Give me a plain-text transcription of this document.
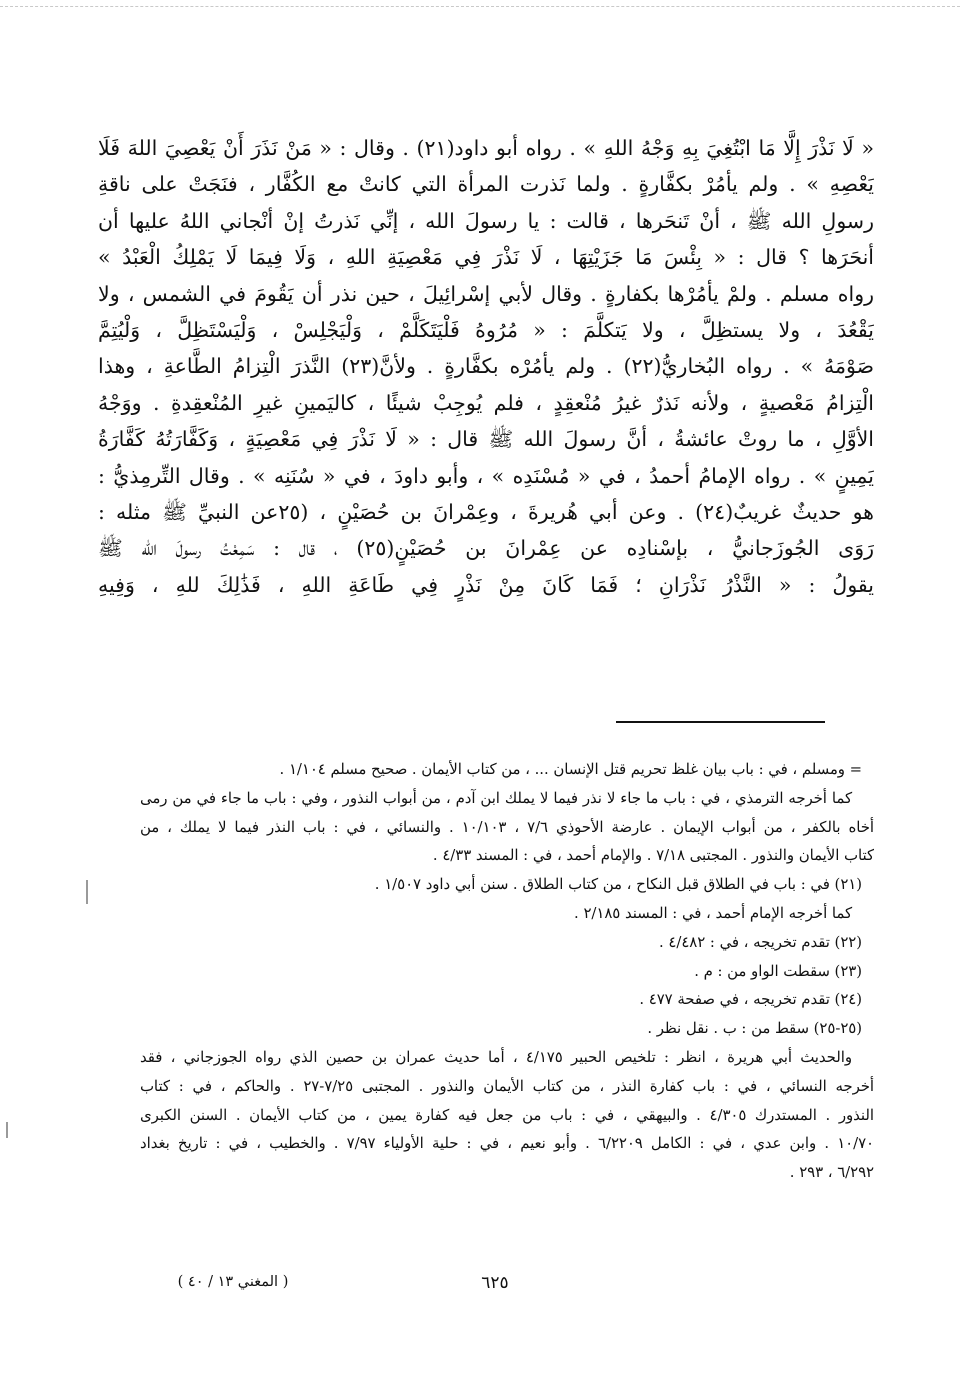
« لَا نَذْرَ إِلَّا مَا ابْتُغِيَ بِهِ وَجْهُ اللهِ » . رواه أبو داود(٢١) . وقال : « مَنْ نَذَرَ أَنْ يَعْصِيَ اللهَ فَلَا
يَعْصِهِ » . ولم يأمُرْ بكفَّارةٍ . ولما نَذرت المرأة التي كانتْ مع الكُفَّار ، فنَجَتْ على ناقةِ
رسولِ الله ﷺ ، أنْ تَنحَرها ، قالت : يا رسولَ الله ، إنِّي نَذرتُ إنْ أنْجاني اللهُ عليها أن
أنحَرَها ؟ قال : « بِئْسَ مَا جَزَيْتِهَا ، لَا نَذْرَ فِي مَعْصِيَةِ اللهِ ، وَلَا فِيمَا لَا يَمْلِكُ الْعَبْدُ »
رواه مسلم . ولمْ يأمُرْها بكفارةٍ . وقال لأبي إسْرائِيلَ ، حين نذر أن يَقُومَ في الشمس ، ولا
يَقْعُدَ ، ولا يستظِلَّ ، ولا يَتكلَّمَ : « مُرُوهُ فَلْيَتَكَلَّمْ ، وَلْيَجْلِسْ ، وَلْيَسْتَظِلَّ ، وَلْيُتِمَّ
صَوْمَهُ » . رواه البُخاريُّ(٢٢) . ولم يأمُرْه بكفَّارةٍ . ولأنَّ(٢٣) النَّذرَ الْتِزامُ الطَّاعةِ ، وهذا
الْتِزامُ مَعْصيةٍ ، ولأنه نَذرٌ غيرُ مُنْعقِدٍ ، فلم يُوجِبْ شيئًا ، كاليَمينِ غيرِ المُنْعقِدةِ . ووَجْهُ
الأوَّلِ ، ما روتْ عائشةُ ، أنَّ رسولَ الله ﷺ قال : « لَا نَذْرَ فِي مَعْصِيَةٍ ، وَكَفَّارَتُهُ كَفَّارَةُ
يَمِينٍ » . رواه الإمامُ أحمدُ ، في « مُسْنَدِه » ، وأبو داودَ ، في « سُنَنِه » . وقال التِّرمِذيُّ :
هو حديثٌ غريبٌ(٢٤) . وعن أبي هُريرةَ ، وعِمْرانَ بن حُصَيْنٍ ، (٢٥عن النبيِّ ﷺ مثله :
رَوَى الجُوزَجانيُّ ، بإسْنادِه عن عِمْرانَ بن حُصَيْنٍ(٢٥) ، قال : سَمِعْتُ رسولَ الله ﷺ
يقولُ : « النَّذْرُ نَذْرَانِ ؛ فَمَا كَانَ مِنْ نَذْرٍ فِي طَاعَةِ اللهِ ، فَذَٰلِكَ للهِ ، وَفِيهِ
= ومسلم ، في : باب بيان غلظ تحريم قتل الإنسان ... ، من كتاب الأيمان . صحيح مسلم ١/١٠٤ .
كما أخرجه الترمذي ، في : باب ما جاء لا نذر فيما لا يملك ابن آدم ، من أبواب النذور ، وفي : باب ما جاء في من رمى
أخاه بالكفر ، من أبواب الإيمان . عارضة الأحوذي ٧/٦ ، ١٠/١٠٣ . والنسائي ، في : باب النذر فيما لا يملك ، من
كتاب الأيمان والنذور . المجتبى ٧/١٨ . والإمام أحمد ، في : المسند ٤/٣٣ .
(٢١) في : باب في الطلاق قبل النكاح ، من كتاب الطلاق . سنن أبي داود ١/٥٠٧ .
كما أخرجه الإمام أحمد ، في : المسند ٢/١٨٥ .
(٢٢) تقدم تخريجه ، في : ٤/٤٨٢ .
(٢٣) سقطت الواو من : م .
(٢٤) تقدم تخريجه ، في صفحة ٤٧٧ .
(٢٥-٢٥) سقط من : ب . نقل نظر .
والحديث أبي هريرة ، انظر : تلخيص الحبير ٤/١٧٥ ، أما حديث عمران بن حصين الذي رواه الجوزجاني ، فقد
أخرجه النسائي ، في : باب كفارة النذر ، من كتاب الأيمان والنذور . المجتبى ٧/٢٥-٢٧ . والحاكم ، في : كتاب
النذور . المستدرك ٤/٣٠٥ . والبيهقي ، في : باب من جعل فيه كفارة يمين ، من كتاب الأيمان . السنن الكبرى
١٠/٧٠ . وابن عدي ، في : الكامل ٦/٢٢٠٩ . وأبو نعيم ، في : حلية الأولياء ٧/٩٧ . والخطيب ، في : تاريخ بغداد
٦/٢٩٢ ، ٢٩٣ .
٦٢٥
( المغني ١٣ / ٤٠ )
